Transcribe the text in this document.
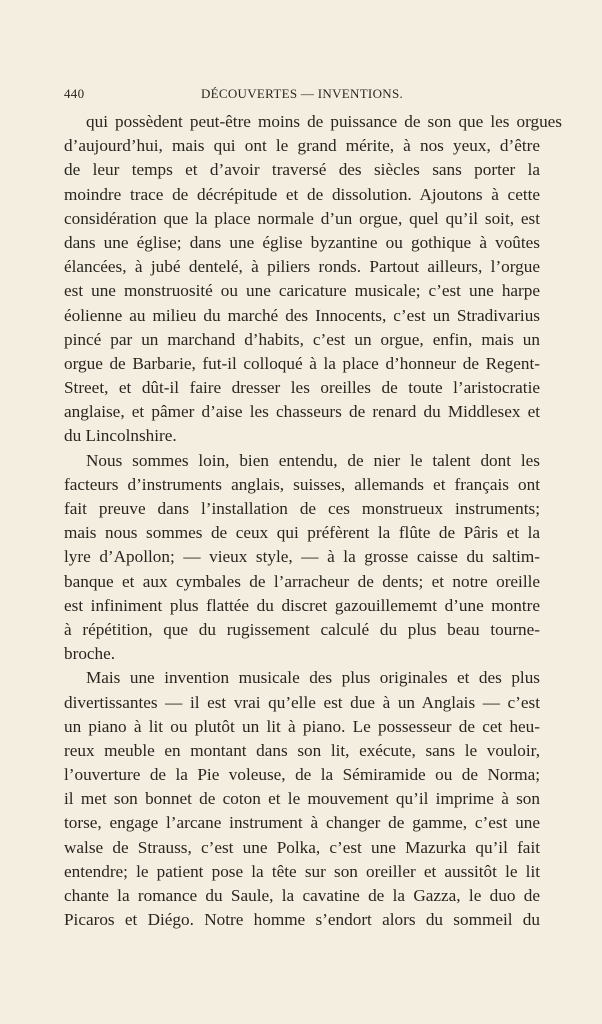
440	DÉCOUVERTES — INVENTIONS.
qui possèdent peut-être moins de puissance de son que les orgues
d’aujourd’hui, mais qui ont le grand mérite, à nos yeux, d’être
de leur temps et d’avoir traversé des siècles sans porter la
moindre trace de décrépitude et de dissolution. Ajoutons à cette
considération que la place normale d’un orgue, quel qu’il soit, est
dans une église; dans une église byzantine ou gothique à voûtes
élancées, à jubé dentelé, à piliers ronds. Partout ailleurs, l’orgue
est une monstruosité ou une caricature musicale; c’est une harpe
éolienne au milieu du marché des Innocents, c’est un Stradivarius
pincé par un marchand d’habits, c’est un orgue, enfin, mais un
orgue de Barbarie, fut-il colloqué à la place d’honneur de Regent-
Street, et dût-il faire dresser les oreilles de toute l’aristocratie
anglaise, et pâmer d’aise les chasseurs de renard du Middlesex et
du Lincolnshire.
Nous sommes loin, bien entendu, de nier le talent dont les
facteurs d’instruments anglais, suisses, allemands et français ont
fait preuve dans l’installation de ces monstrueux instruments;
mais nous sommes de ceux qui préfèrent la flûte de Pâris et la
lyre d’Apollon; — vieux style, — à la grosse caisse du saltim-
banque et aux cymbales de l’arracheur de dents; et notre oreille
est infiniment plus flattée du discret gazouillememt d’une montre
à répétition, que du rugissement calculé du plus beau tourne-
broche.
Mais une invention musicale des plus originales et des plus
divertissantes — il est vrai qu’elle est due à un Anglais — c’est
un piano à lit ou plutôt un lit à piano. Le possesseur de cet heu-
reux meuble en montant dans son lit, exécute, sans le vouloir,
l’ouverture de la Pie voleuse, de la Sémiramide ou de Norma;
il met son bonnet de coton et le mouvement qu’il imprime à son
torse, engage l’arcane instrument à changer de gamme, c’est une
walse de Strauss, c’est une Polka, c’est une Mazurka qu’il fait
entendre; le patient pose la tête sur son oreiller et aussitôt le lit
chante la romance du Saule, la cavatine de la Gazza, le duo de
Picaros et Diégo. Notre homme s’endort alors du sommeil du
